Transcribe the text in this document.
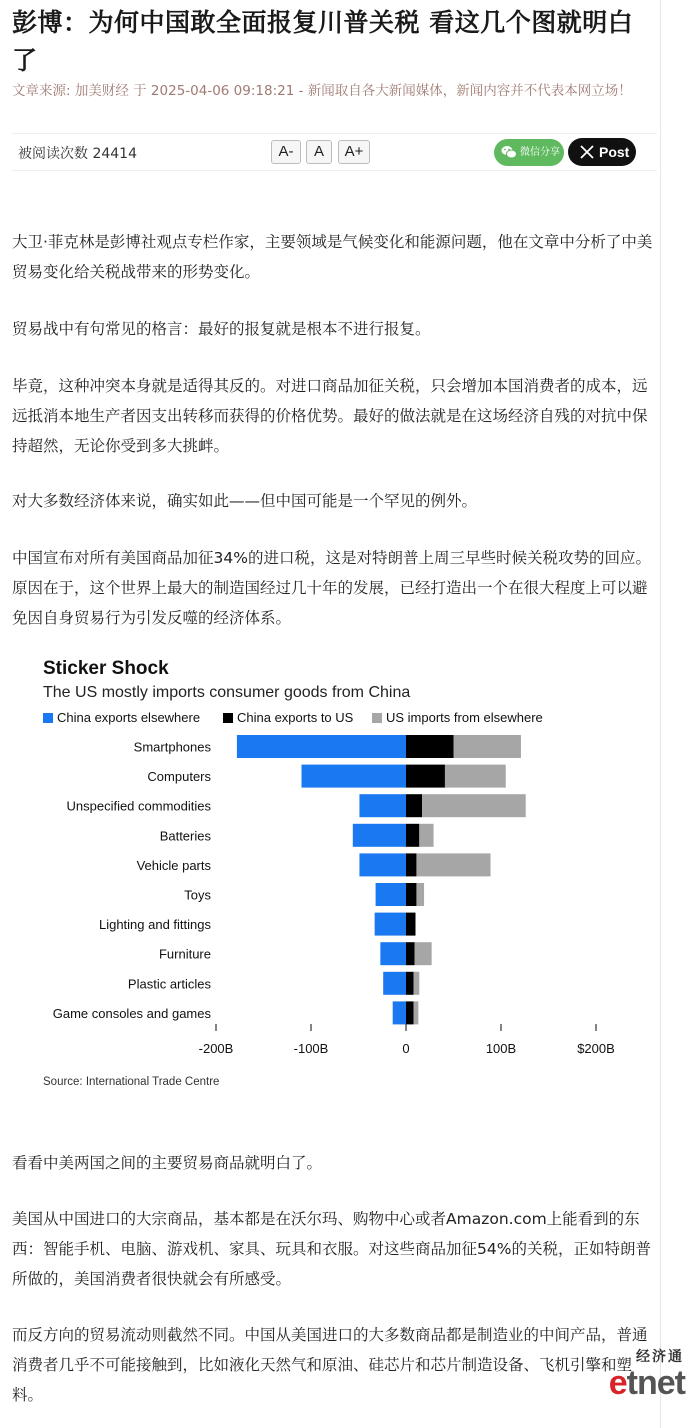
彭博：为何中国敢全面报复川普关税 看这几个图就明白了
文章来源: 加美财经 于 2025-04-06 09:18:21 - 新闻取自各大新闻媒体，新闻内容并不代表本网立场！
被阅读次数 24414	A-	A	A+	微信分享	Post

大卫·菲克林是彭博社观点专栏作家，主要领域是气候变化和能源问题，他在文章中分析了中美贸易变化给关税战带来的形势变化。

贸易战中有句常见的格言：最好的报复就是根本不进行报复。

毕竟，这种冲突本身就是适得其反的。对进口商品加征关税，只会增加本国消费者的成本，远远抵消本地生产者因支出转移而获得的价格优势。最好的做法就是在这场经济自残的对抗中保持超然，无论你受到多大挑衅。

对大多数经济体来说，确实如此——但中国可能是一个罕见的例外。

中国宣布对所有美国商品加征34%的进口税，这是对特朗普上周三早些时候关税攻势的回应。原因在于，这个世界上最大的制造国经过几十年的发展，已经打造出一个在很大程度上可以避免因自身贸易行为引发反噬的经济体系。

Sticker Shock
The US mostly imports consumer goods from China
China exports elsewhere	China exports to US	US imports from elsewhere
Smartphones
Computers
Unspecified commodities
Batteries
Vehicle parts
Toys
Lighting and fittings
Furniture
Plastic articles
Game consoles and games
-200B	-100B	0	100B	$200B
Source: International Trade Centre

看看中美两国之间的主要贸易商品就明白了。

美国从中国进口的大宗商品，基本都是在沃尔玛、购物中心或者Amazon.com上能看到的东西：智能手机、电脑、游戏机、家具、玩具和衣服。对这些商品加征54%的关税，正如特朗普所做的，美国消费者很快就会有所感受。

而反方向的贸易流动则截然不同。中国从美国进口的大多数商品都是制造业的中间产品，普通消费者几乎不可能接触到，比如液化天然气和原油、硅芯片和芯片制造设备、飞机引擎和塑料。

经济通
etnet
